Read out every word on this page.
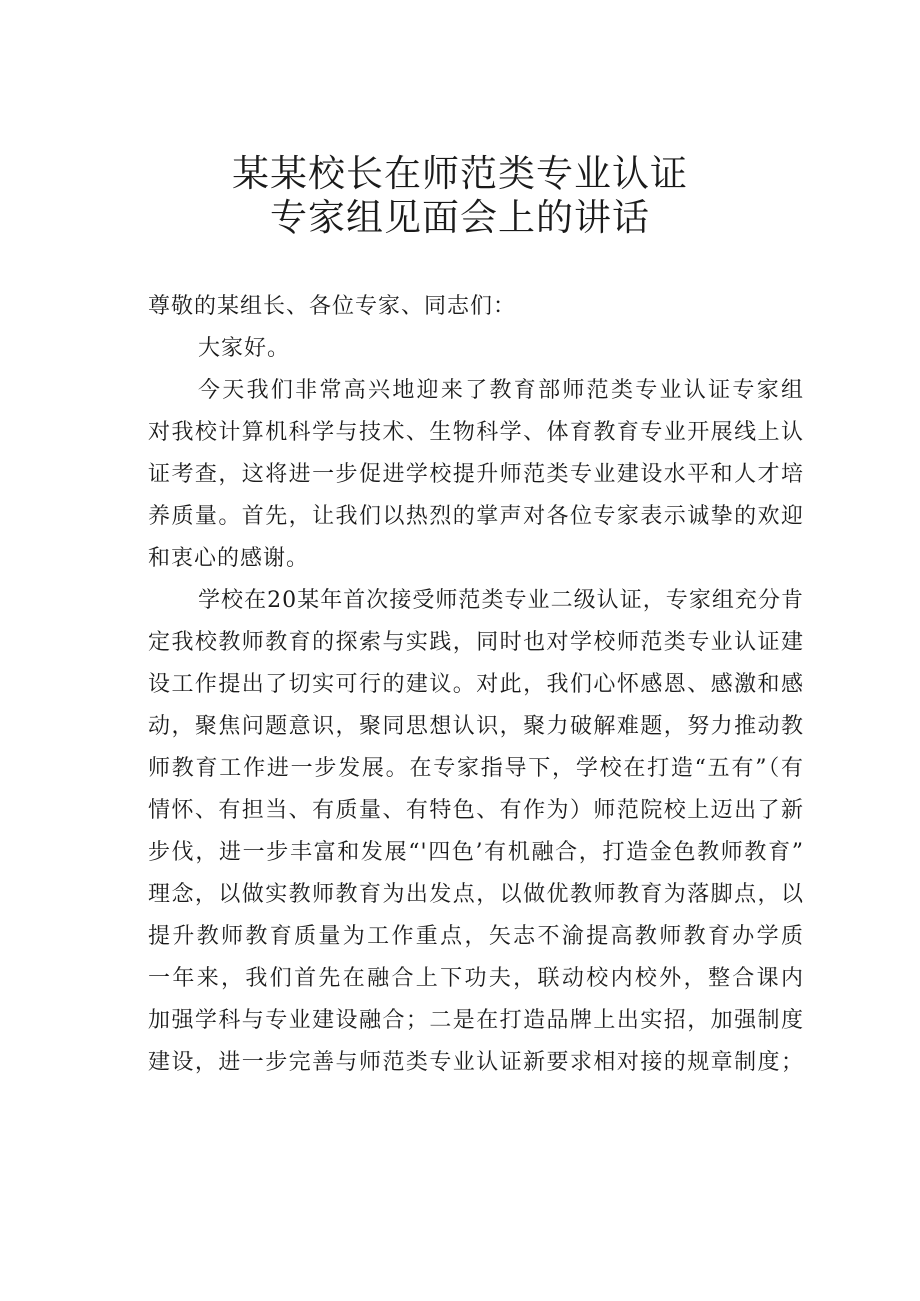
某某校长在师范类专业认证
专家组见面会上的讲话
尊敬的某组长、各位专家、同志们：
大家好。
今天我们非常高兴地迎来了教育部师范类专业认证专家组
对我校计算机科学与技术、生物科学、体育教育专业开展线上认
证考查，这将进一步促进学校提升师范类专业建设水平和人才培
养质量。首先，让我们以热烈的掌声对各位专家表示诚挚的欢迎
和衷心的感谢。
学校在20某年首次接受师范类专业二级认证，专家组充分肯
定我校教师教育的探索与实践，同时也对学校师范类专业认证建
设工作提出了切实可行的建议。对此，我们心怀感恩、感激和感
动，聚焦问题意识，聚同思想认识，聚力破解难题，努力推动教
师教育工作进一步发展。在专家指导下，学校在打造“五有”（有
情怀、有担当、有质量、有特色、有作为）师范院校上迈出了新
步伐，进一步丰富和发展“'四色’有机融合，打造金色教师教育”
理念，以做实教师教育为出发点，以做优教师教育为落脚点，以
提升教师教育质量为工作重点，矢志不渝提高教师教育办学质
一年来，我们首先在融合上下功夫，联动校内校外，整合课内
加强学科与专业建设融合；二是在打造品牌上出实招，加强制度
建设，进一步完善与师范类专业认证新要求相对接的规章制度；
